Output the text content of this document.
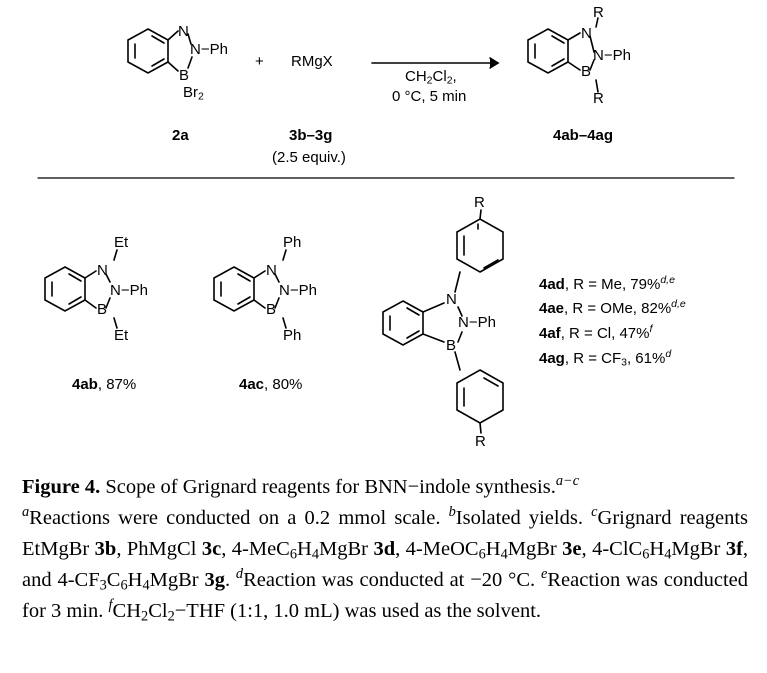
N
N−Ph
B
$Br_2$
2a
+ RMgX
3b–3g
(2.5 equiv.)
$CH_2Cl_2$,
0 °C, 5 min
R
N
N−Ph
B
R
4ab–4ag
Et
N
N−Ph
B
Et
4ab, 87%
Ph
N
N−Ph
B
Ph
4ac, 80%
R
N
N−Ph
B
R
4ad, R = Me, 79%$^{d,e}$
4ae, R = OMe, 82%$^{d,e}$
4af, R = Cl, 47%$^f$
4ag, $R = CF_3$, 61%$^d$

Figure 4. Scope of Grignard reagents for BNN−indole synthesis.$^{a-c}$
$^a$Reactions were conducted on a 0.2 mmol scale. $^b$Isolated yields. $^c$Grignard reagents EtMgBr 3b, PhMgCl 3c, $4-MeC_6H_4MgBr$ 3d, $4-MeOC_6H_4MgBr$ 3e, $4-ClC_6H_4MgBr$ 3f, and $4-CF_3C_6H_4MgBr$ 3g. $^d$Reaction was conducted at −20 °C. $^e$Reaction was conducted for 3 min. $^fCH_2Cl_2-THF$ (1:1, 1.0 mL) was used as the solvent.
